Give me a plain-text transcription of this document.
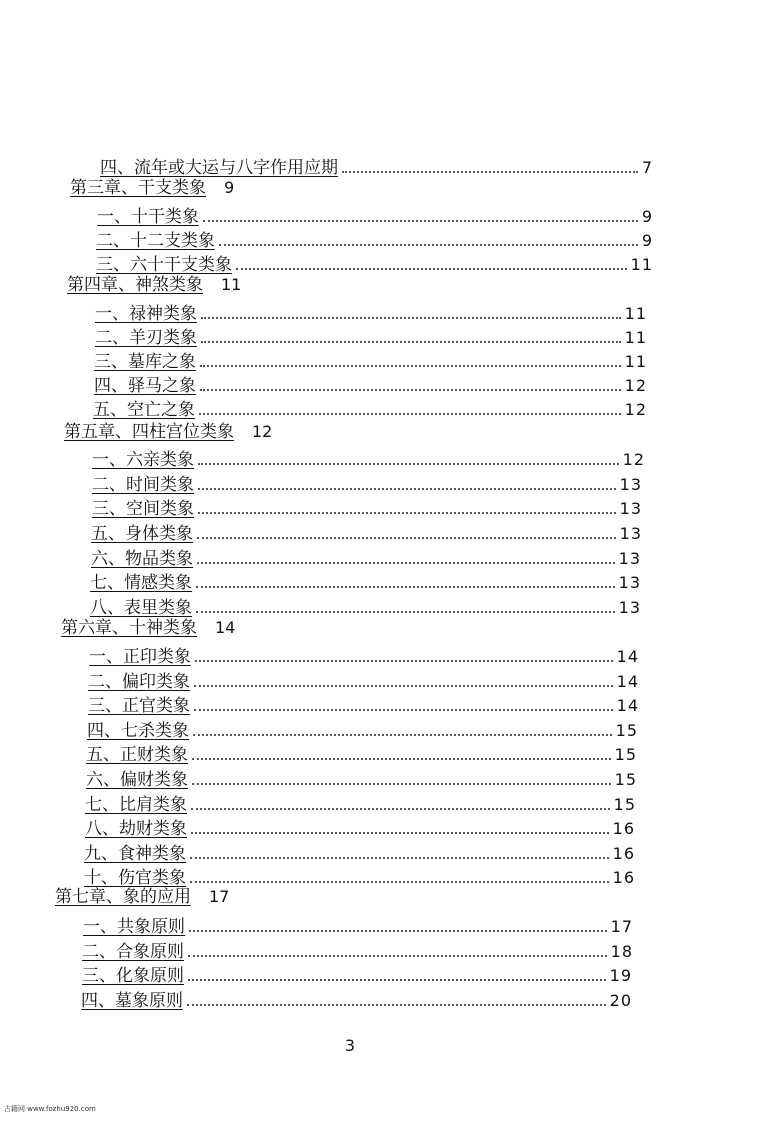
四、流年或大运与八字作用应期	7
第三章、干支类象 9
一、十干类象	9
二、十二支类象	9
三、六十干支类象	11
第四章、神煞类象 11
一、禄神类象	11
二、羊刃类象	11
三、墓库之象	11
四、驿马之象	12
五、空亡之象	12
第五章、四柱宫位类象 12
一、六亲类象	12
二、时间类象	13
三、空间类象	13
五、身体类象	13
六、物品类象	13
七、情感类象	13
八、表里类象	13
第六章、十神类象 14
一、正印类象	14
二、偏印类象	14
三、正官类象	14
四、七杀类象	15
五、正财类象	15
六、偏财类象	15
七、比肩类象	15
八、劫财类象	16
九、食神类象	16
十、伤官类象	16
第七章、象的应用 17
一、共象原则	17
二、合象原则	18
三、化象原则	19
四、墓象原则	20
3
古籍网 www.fozhu920.com
